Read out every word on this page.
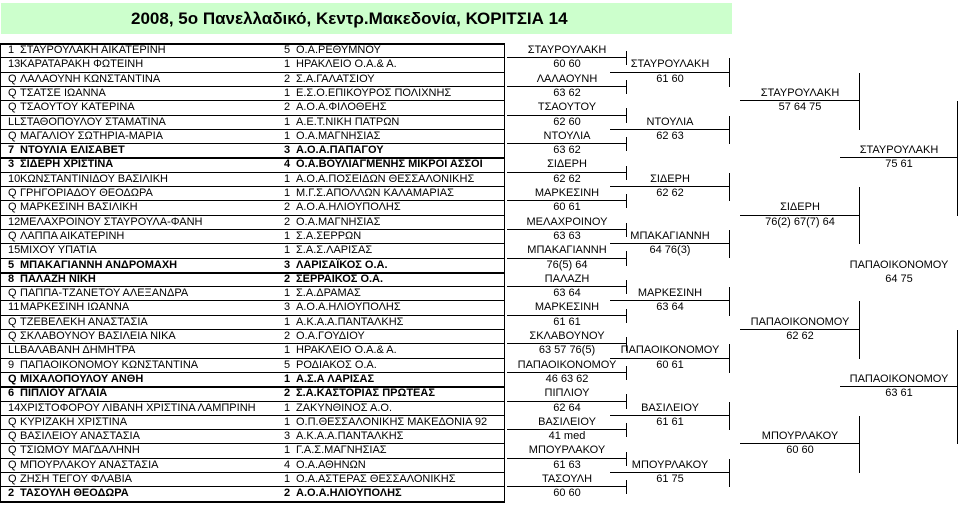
2008, 5ο Πανελλαδικό, Κεντρ.Μακεδονία, ΚΟΡΙΤΣΙΑ 14
1 ΣΤΑΥΡΟΥΛΑΚΗ ΑΙΚΑΤΕΡΙΝΗ	5 Ο.Α.ΡΕΘΥΜΝΟΥ
13 ΚΑΡΑΤΑΡΑΚΗ ΦΩΤΕΙΝΗ	1 ΗΡΑΚΛΕΙΟ Ο.Α.& Α.
Q ΛΑΛΑΟΥΝΗ ΚΩΝΣΤΑΝΤΙΝΑ	2 Σ.Α.ΓΑΛΑΤΣΙΟΥ
Q ΤΣΑΤΣΕ ΙΩΑΝΝΑ	1 Ε.Σ.Ο.ΕΠΙΚΟΥΡΟΣ ΠΟΛΙΧΝΗΣ
Q ΤΣΑΟΥΤΟΥ ΚΑΤΕΡΙΝΑ	2 Α.Ο.Α.ΦΙΛΟΘΕΗΣ
LL ΣΤΑΘΟΠΟΥΛΟΥ ΣΤΑΜΑΤΙΝΑ	1 Α.Ε.Τ.ΝΙΚΗ ΠΑΤΡΩΝ
Q ΜΑΓΑΛΙΟΥ ΣΩΤΗΡΙΑ-ΜΑΡΙΑ	1 Ο.Α.ΜΑΓΝΗΣΙΑΣ
7 ΝΤΟΥΛΙΑ ΕΛΙΣΑΒΕΤ	3 Α.Ο.Α.ΠΑΠΑΓΟΥ
3 ΣΙΔΕΡΗ ΧΡΙΣΤΙΝΑ	4 Ο.Α.ΒΟΥΛΙΑΓΜΕΝΗΣ ΜΙΚΡΟΙ ΑΣΣΟΙ
10 ΚΩΝΣΤΑΝΤΙΝΙΔΟΥ ΒΑΣΙΛΙΚΗ	1 Α.Ο.Α.ΠΟΣΕΙΔΩΝ ΘΕΣΣΑΛΟΝΙΚΗΣ
Q ΓΡΗΓΟΡΙΑΔΟΥ ΘΕΟΔΩΡΑ	1 Μ.Γ.Σ.ΑΠΟΛΛΩΝ ΚΑΛΑΜΑΡΙΑΣ
Q ΜΑΡΚΕΣΙΝΗ ΒΑΣΙΛΙΚΗ	2 Α.Ο.Α.ΗΛΙΟΥΠΟΛΗΣ
12 ΜΕΛΑΧΡΟΙΝΟΥ ΣΤΑΥΡΟΥΛΑ-ΦΑΝΗ	2 Ο.Α.ΜΑΓΝΗΣΙΑΣ
Q ΛΑΠΠΑ ΑΙΚΑΤΕΡΙΝΗ	1 Σ.Α.ΣΕΡΡΩΝ
15 ΜΙΧΟΥ ΥΠΑΤΙΑ	1 Σ.Α.Σ.ΛΑΡΙΣΑΣ
5 ΜΠΑΚΑΓΙΑΝΝΗ ΑΝΔΡΟΜΑΧΗ	3 ΛΑΡΙΣΑΪΚΟΣ Ο.Α.
8 ΠΑΛΑΖΗ ΝΙΚΗ	2 ΣΕΡΡΑΪΚΟΣ Ο.Α.
Q ΠΑΠΠΑ-ΤΖΑΝΕΤΟΥ ΑΛΕΞΑΝΔΡΑ	1 Σ.Α.ΔΡΑΜΑΣ
11 ΜΑΡΚΕΣΙΝΗ ΙΩΑΝΝΑ	3 Α.Ο.Α.ΗΛΙΟΥΠΟΛΗΣ
Q ΤΖΕΒΕΛΕΚΗ ΑΝΑΣΤΑΣΙΑ	1 Α.Κ.Α.Α.ΠΑΝΤΑΛΚΗΣ
Q ΣΚΛΑΒΟΥΝΟΥ ΒΑΣΙΛΕΙΑ ΝΙΚΑ	2 Ο.Α.ΓΟΥΔΙΟΥ
LL ΒΑΛΑΒΑΝΗ ΔΗΜΗΤΡΑ	1 ΗΡΑΚΛΕΙΟ Ο.Α.& Α.
9 ΠΑΠΑΟΙΚΟΝΟΜΟΥ ΚΩΝΣΤΑΝΤΙΝΑ	5 ΡΟΔΙΑΚΟΣ Ο.Α.
Q ΜΙΧΑΛΟΠΟΥΛΟΥ ΑΝΘΗ	1 Α.Σ.Α ΛΑΡΙΣΑΣ
6 ΠΙΠΛΙΟΥ ΑΓΛΑΙΑ	2 Σ.Α.ΚΑΣΤΟΡΙΑΣ ΠΡΩΤΕΑΣ
14 ΧΡΙΣΤΟΦΟΡΟΥ ΛΙΒΑΝΗ ΧΡΙΣΤΙΝΑ ΛΑΜΠΡΙΝΗ	1 ΖΑΚΥΝΘΙΝΟΣ Α.Ο.
Q ΚΥΡΙΖΑΚΗ ΧΡΙΣΤΙΝΑ	1 Ο.Π.ΘΕΣΣΑΛΟΝΙΚΗΣ ΜΑΚΕΔΟΝΙΑ 92
Q ΒΑΣΙΛΕΙΟΥ ΑΝΑΣΤΑΣΙΑ	3 Α.Κ.Α.Α.ΠΑΝΤΑΛΚΗΣ
Q ΤΣΙΩΜΟΥ ΜΑΓΔΑΛΗΝΗ	1 Γ.Α.Σ.ΜΑΓΝΗΣΙΑΣ
Q ΜΠΟΥΡΛΑΚΟΥ ΑΝΑΣΤΑΣΙΑ	4 Ο.Α.ΑΘΗΝΩΝ
Q ΖΗΣΗ ΤΕΓΟΥ ΦΛΑΒΙΑ	1 Ο.Α.ΑΣΤΕΡΑΣ ΘΕΣΣΑΛΟΝΙΚΗΣ
2 ΤΑΣΟΥΛΗ ΘΕΟΔΩΡΑ	2 Α.Ο.Α.ΗΛΙΟΥΠΟΛΗΣ
ΣΤΑΥΡΟΥΛΑΚΗ
60 60
ΛΑΛΑΟΥΝΗ
63 62
ΤΣΑΟΥΤΟΥ
62 60
ΝΤΟΥΛΙΑ
63 62
ΣΙΔΕΡΗ
62 62
ΜΑΡΚΕΣΙΝΗ
60 61
ΜΕΛΑΧΡΟΙΝΟΥ
63 63
ΜΠΑΚΑΓΙΑΝΝΗ
76(5) 64
ΠΑΛΑΖΗ
63 64
ΜΑΡΚΕΣΙΝΗ
61 61
ΣΚΛΑΒΟΥΝΟΥ
63 57 76(5)
ΠΑΠΑΟΙΚΟΝΟΜΟΥ
46 63 62
ΠΙΠΛΙΟΥ
62 64
ΒΑΣΙΛΕΙΟΥ
41 med
ΜΠΟΥΡΛΑΚΟΥ
61 63
ΤΑΣΟΥΛΗ
60 60
ΣΤΑΥΡΟΥΛΑΚΗ
61 60
ΝΤΟΥΛΙΑ
62 63
ΣΙΔΕΡΗ
62 62
ΜΠΑΚΑΓΙΑΝΝΗ
64 76(3)
ΜΑΡΚΕΣΙΝΗ
63 64
ΠΑΠΑΟΙΚΟΝΟΜΟΥ
60 61
ΒΑΣΙΛΕΙΟΥ
61 61
ΜΠΟΥΡΛΑΚΟΥ
61 75
ΣΤΑΥΡΟΥΛΑΚΗ
57 64 75
ΣΙΔΕΡΗ
76(2) 67(7) 64
ΠΑΠΑΟΙΚΟΝΟΜΟΥ
62 62
ΜΠΟΥΡΛΑΚΟΥ
60 60
ΣΤΑΥΡΟΥΛΑΚΗ
75 61
ΠΑΠΑΟΙΚΟΝΟΜΟΥ
63 61
ΠΑΠΑΟΙΚΟΝΟΜΟΥ
64 75
